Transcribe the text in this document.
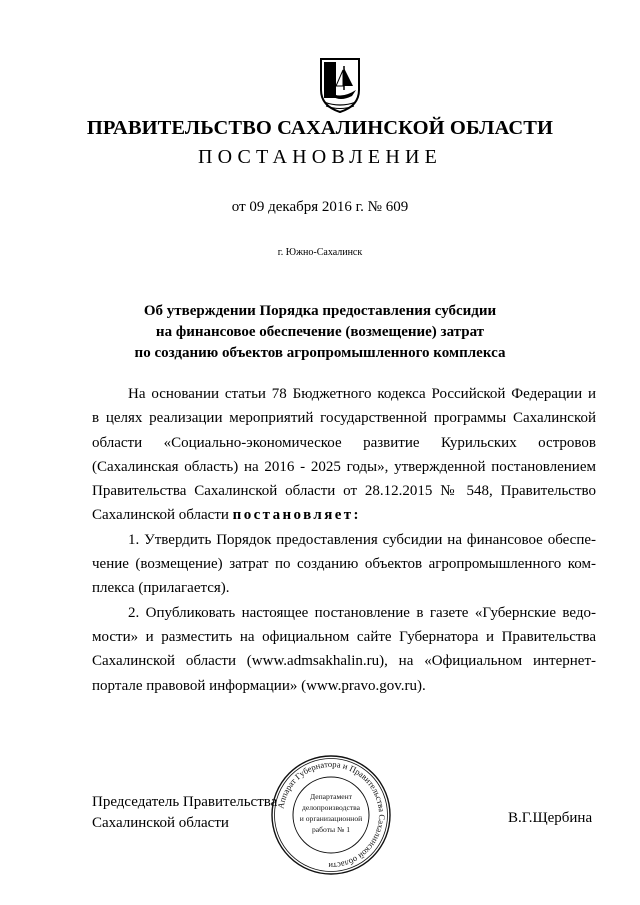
ПРАВИТЕЛЬСТВО САХАЛИНСКОЙ ОБЛАСТИ
ПОСТАНОВЛЕНИЕ
от 09 декабря 2016 г. № 609
г. Южно-Сахалинск
Об утверждении Порядка предоставления субсидии
на финансовое обеспечение (возмещение) затрат
по созданию объектов агропромышленного комплекса
На основании статьи 78 Бюджетного кодекса Российской Федерации и
в целях реализации мероприятий государственной программы Сахалинской
области «Социально-экономическое развитие Курильских островов
(Сахалинская область) на 2016 - 2025 годы», утвержденной постановлением
Правительства Сахалинской области от 28.12.2015 № 548, Правительство
Сахалинской области постановляет:
1. Утвердить Порядок предоставления субсидии на финансовое обеспе-
чение (возмещение) затрат по созданию объектов агропромышленного ком-
плекса (прилагается).
2. Опубликовать настоящее постановление в газете «Губернские ведо-
мости» и разместить на официальном сайте Губернатора и Правительства
Сахалинской области (www.admsakhalin.ru), на «Официальном интернет-
портале правовой информации» (www.pravo.gov.ru).
Председатель Правительства
Сахалинской области	В.Г.Щербина
Аппарат Губернатора и Правительства Сахалинской области
Департамент
делопроизводства
и организационной
работы № 1
